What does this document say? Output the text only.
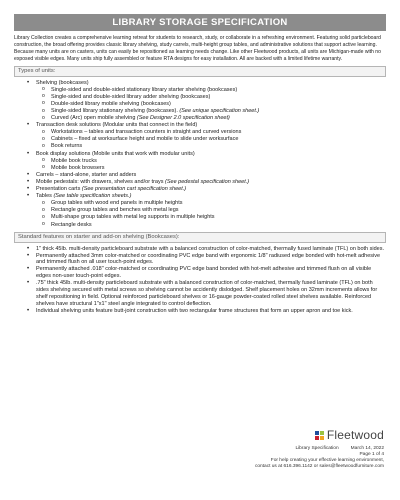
LIBRARY STORAGE SPECIFICATION

Library Collection creates a comprehensive learning retreat for students to research, study, or collaborate in a refreshing environment. Featuring solid particleboard construction, the broad offering provides classic library shelving, study carrels, multi-height group tables, and administrative solutions that support active learning. Because many units are on casters, units can easily be repositioned as learning needs change. Like other Fleetwood products, all units are Michigan-made with no exposed visible edges. Many units ship fully assembled or feature RTA designs for easy installation. All are backed with a limited lifetime warranty.

Types of units:
• Shelving (bookcases)
o Single-sided and double-sided stationary library starter shelving (bookcases)
o Single-sided and double-sided library adder shelving (bookcases)
o Double-sided library mobile shelving (bookcases)
o Single-sided library stationary shelving (bookcases). (See unique specification sheet.)
o Curved (Arc) open mobile shelving (See Designer 2.0 specification sheet)
• Transaction desk solutions (Modular units that connect in the field)
o Workstations – tables and transaction counters in straight and curved versions
o Cabinets – fixed at worksurface height and mobile to slide under worksurface
o Book returns
• Book display solutions (Mobile units that work with modular units)
o Mobile book trucks
o Mobile book browsers
• Carrels – stand-alone, starter and adders
• Mobile pedestals: with drawers, shelves and/or trays (See pedestal specification sheet.)
• Presentation carts (See presentation cart specification sheet.)
• Tables (See table specification sheets.)
o Group tables with wood end panels in multiple heights
o Rectangle group tables and benches with metal legs
o Multi-shape group tables with metal leg supports in multiple heights
o Rectangle desks
Standard features on starter and add-on shelving (Bookcases):
• 1" thick 45lb. multi-density particleboard substrate with a balanced construction of color-matched, thermally fused laminate (TFL) on both sides.
• Permanently attached 3mm color-matched or coordinating PVC edge band with ergonomic 1/8" radiused edge bonded with hot-melt adhesive and trimmed flush on all user touch-point edges.
• Permanently attached .018" color-matched or coordinating PVC edge band bonded with hot-melt adhesive and trimmed flush on all visible edges non-user touch-point edges.
• .75" thick 45lb. multi-density particleboard substrate with a balanced construction of color-matched, thermally fused laminate (TFL) on both sides shelving secured with metal screws so shelving cannot be accidently dislodged. Shelf placement holes on 32mm increments allows for shelf repositioning in field. Optional reinforced particleboard shelves or 16-gauge powder-coated rolled steel shelves available. Reinforced shelves have structural 1"x1" steel angle integrated to control deflection.
• Individual shelving units feature butt-joint construction with two rectangular frame structures that form an upper apron and toe kick.
Fleetwood
Library Specification	March 14, 2022
Page 1 of 4
For help creating your effective learning environment,
contact us at 616.396.1142 or sales@fleetwoodfurniture.com
